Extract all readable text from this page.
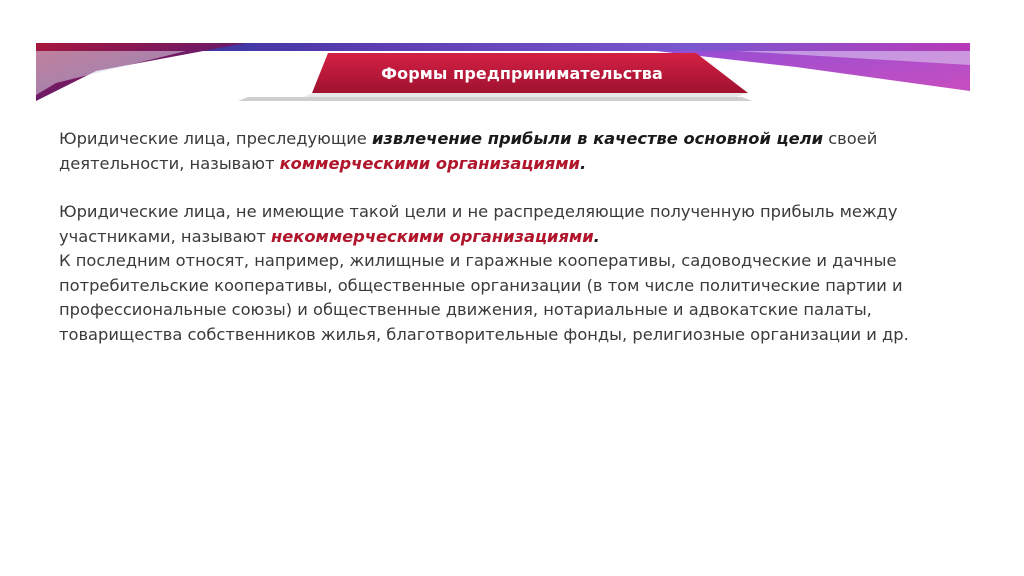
Формы предпринимательства

Юридические лица, преследующие извлечение прибыли в качестве основной цели своей деятельности, называют коммерческими организациями.

Юридические лица, не имеющие такой цели и не распределяющие полученную прибыль между участниками, называют некоммерческими организациями.

К последним относят, например, жилищные и гаражные кооперативы, садоводческие и дачные потребительские кооперативы, общественные организации (в том числе политические партии и профессиональные союзы) и общественные движения, нотариальные и адвокатские палаты, товарищества собственников жилья, благотворительные фонды, религиозные организации и др.
